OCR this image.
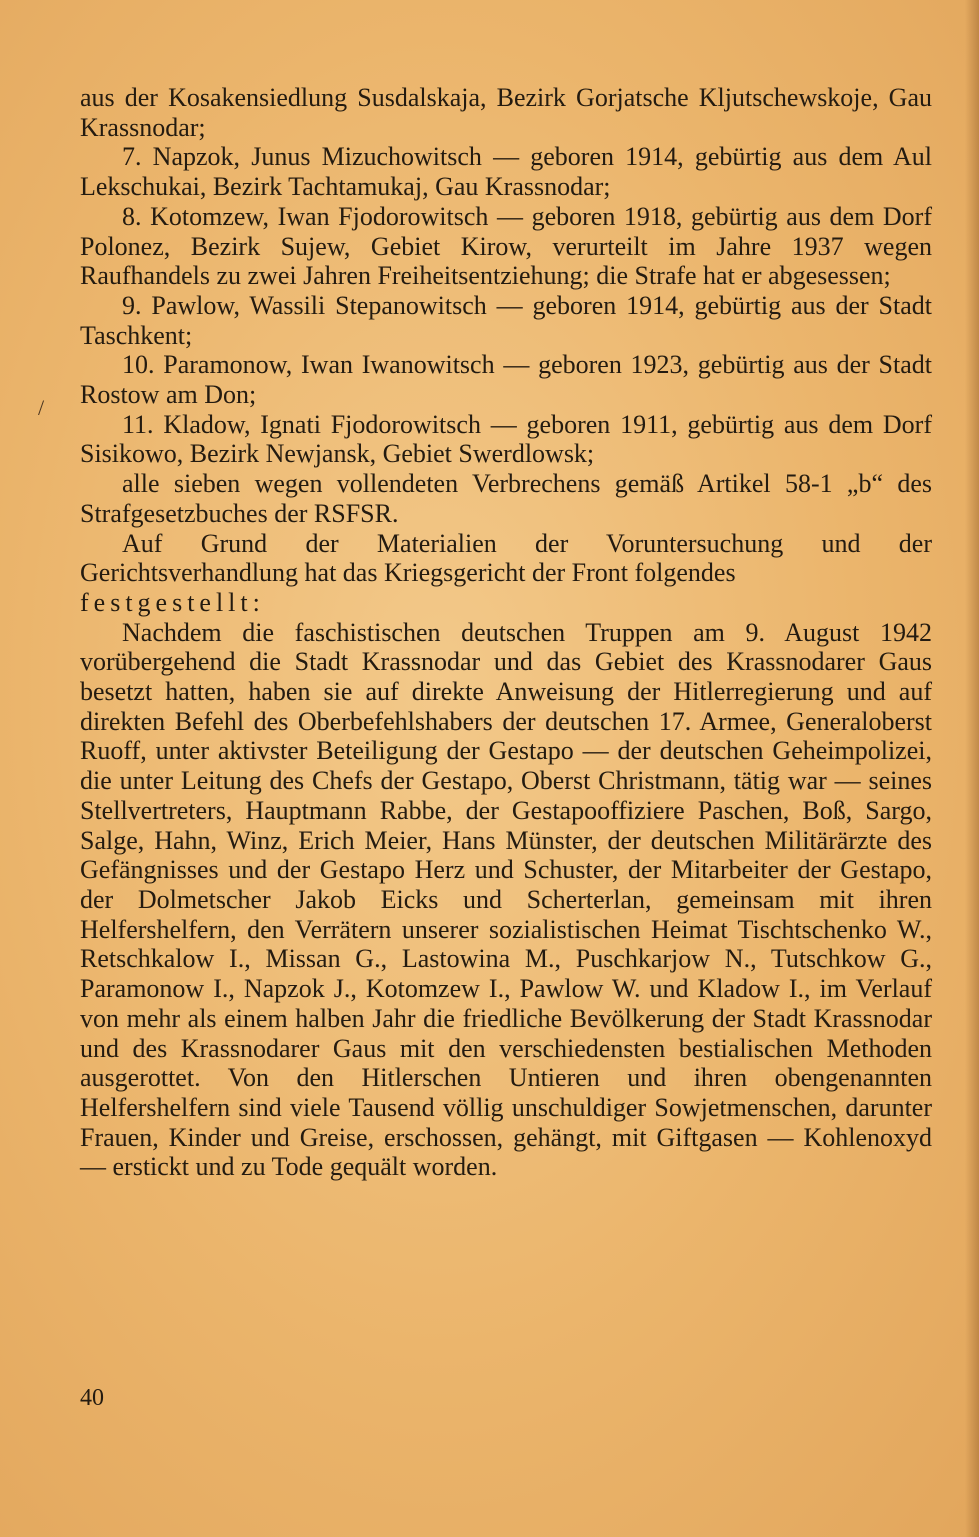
/

aus der Kosakensiedlung Susdalskaja, Bezirk Gorjatsche Kljutschewskoje, Gau Krassnodar;

7. Napzok, Junus Mizuchowitsch — geboren 1914, gebürtig aus dem Aul Lekschukai, Bezirk Tachtamukaj, Gau Krassnodar;

8. Kotomzew, Iwan Fjodorowitsch — geboren 1918, gebürtig aus dem Dorf Polonez, Bezirk Sujew, Gebiet Kirow, verurteilt im Jahre 1937 wegen Raufhandels zu zwei Jahren Freiheitsentziehung; die Strafe hat er abgesessen;

9. Pawlow, Wassili Stepanowitsch — geboren 1914, gebürtig aus der Stadt Taschkent;

10. Paramonow, Iwan Iwanowitsch — geboren 1923, gebürtig aus der Stadt Rostow am Don;

11. Kladow, Ignati Fjodorowitsch — geboren 1911, gebürtig aus dem Dorf Sisikowo, Bezirk Newjansk, Gebiet Swerdlowsk;

alle sieben wegen vollendeten Verbrechens gemäß Artikel 58-1 „b“ des Strafgesetzbuches der RSFSR.

Auf Grund der Materialien der Voruntersuchung und der Gerichtsverhandlung hat das Kriegsgericht der Front folgendes

festgestellt:

Nachdem die faschistischen deutschen Truppen am 9. August 1942 vorübergehend die Stadt Krassnodar und das Gebiet des Krassnodarer Gaus besetzt hatten, haben sie auf direkte Anweisung der Hitlerregierung und auf direkten Befehl des Oberbefehlshabers der deutschen 17. Armee, Generaloberst Ruoff, unter aktivster Beteiligung der Gestapo — der deutschen Geheimpolizei, die unter Leitung des Chefs der Gestapo, Oberst Christmann, tätig war — seines Stellvertreters, Hauptmann Rabbe, der Gestapooffiziere Paschen, Boß, Sargo, Salge, Hahn, Winz, Erich Meier, Hans Münster, der deutschen Militärärzte des Gefängnisses und der Gestapo Herz und Schuster, der Mitarbeiter der Gestapo, der Dolmetscher Jakob Eicks und Scherterlan, gemeinsam mit ihren Helfershelfern, den Verrätern unserer sozialistischen Heimat Tischtschenko W., Retschkalow I., Missan G., Lastowina M., Puschkarjow N., Tutschkow G., Paramonow I., Napzok J., Kotomzew I., Pawlow W. und Kladow I., im Verlauf von mehr als einem halben Jahr die friedliche Bevölkerung der Stadt Krassnodar und des Krassnodarer Gaus mit den verschiedensten bestialischen Methoden ausgerottet. Von den Hitlerschen Untieren und ihren obengenannten Helfershelfern sind viele Tausend völlig unschuldiger Sowjetmenschen, darunter Frauen, Kinder und Greise, erschossen, gehängt, mit Giftgasen — Kohlenoxyd — erstickt und zu Tode gequält worden.

40
